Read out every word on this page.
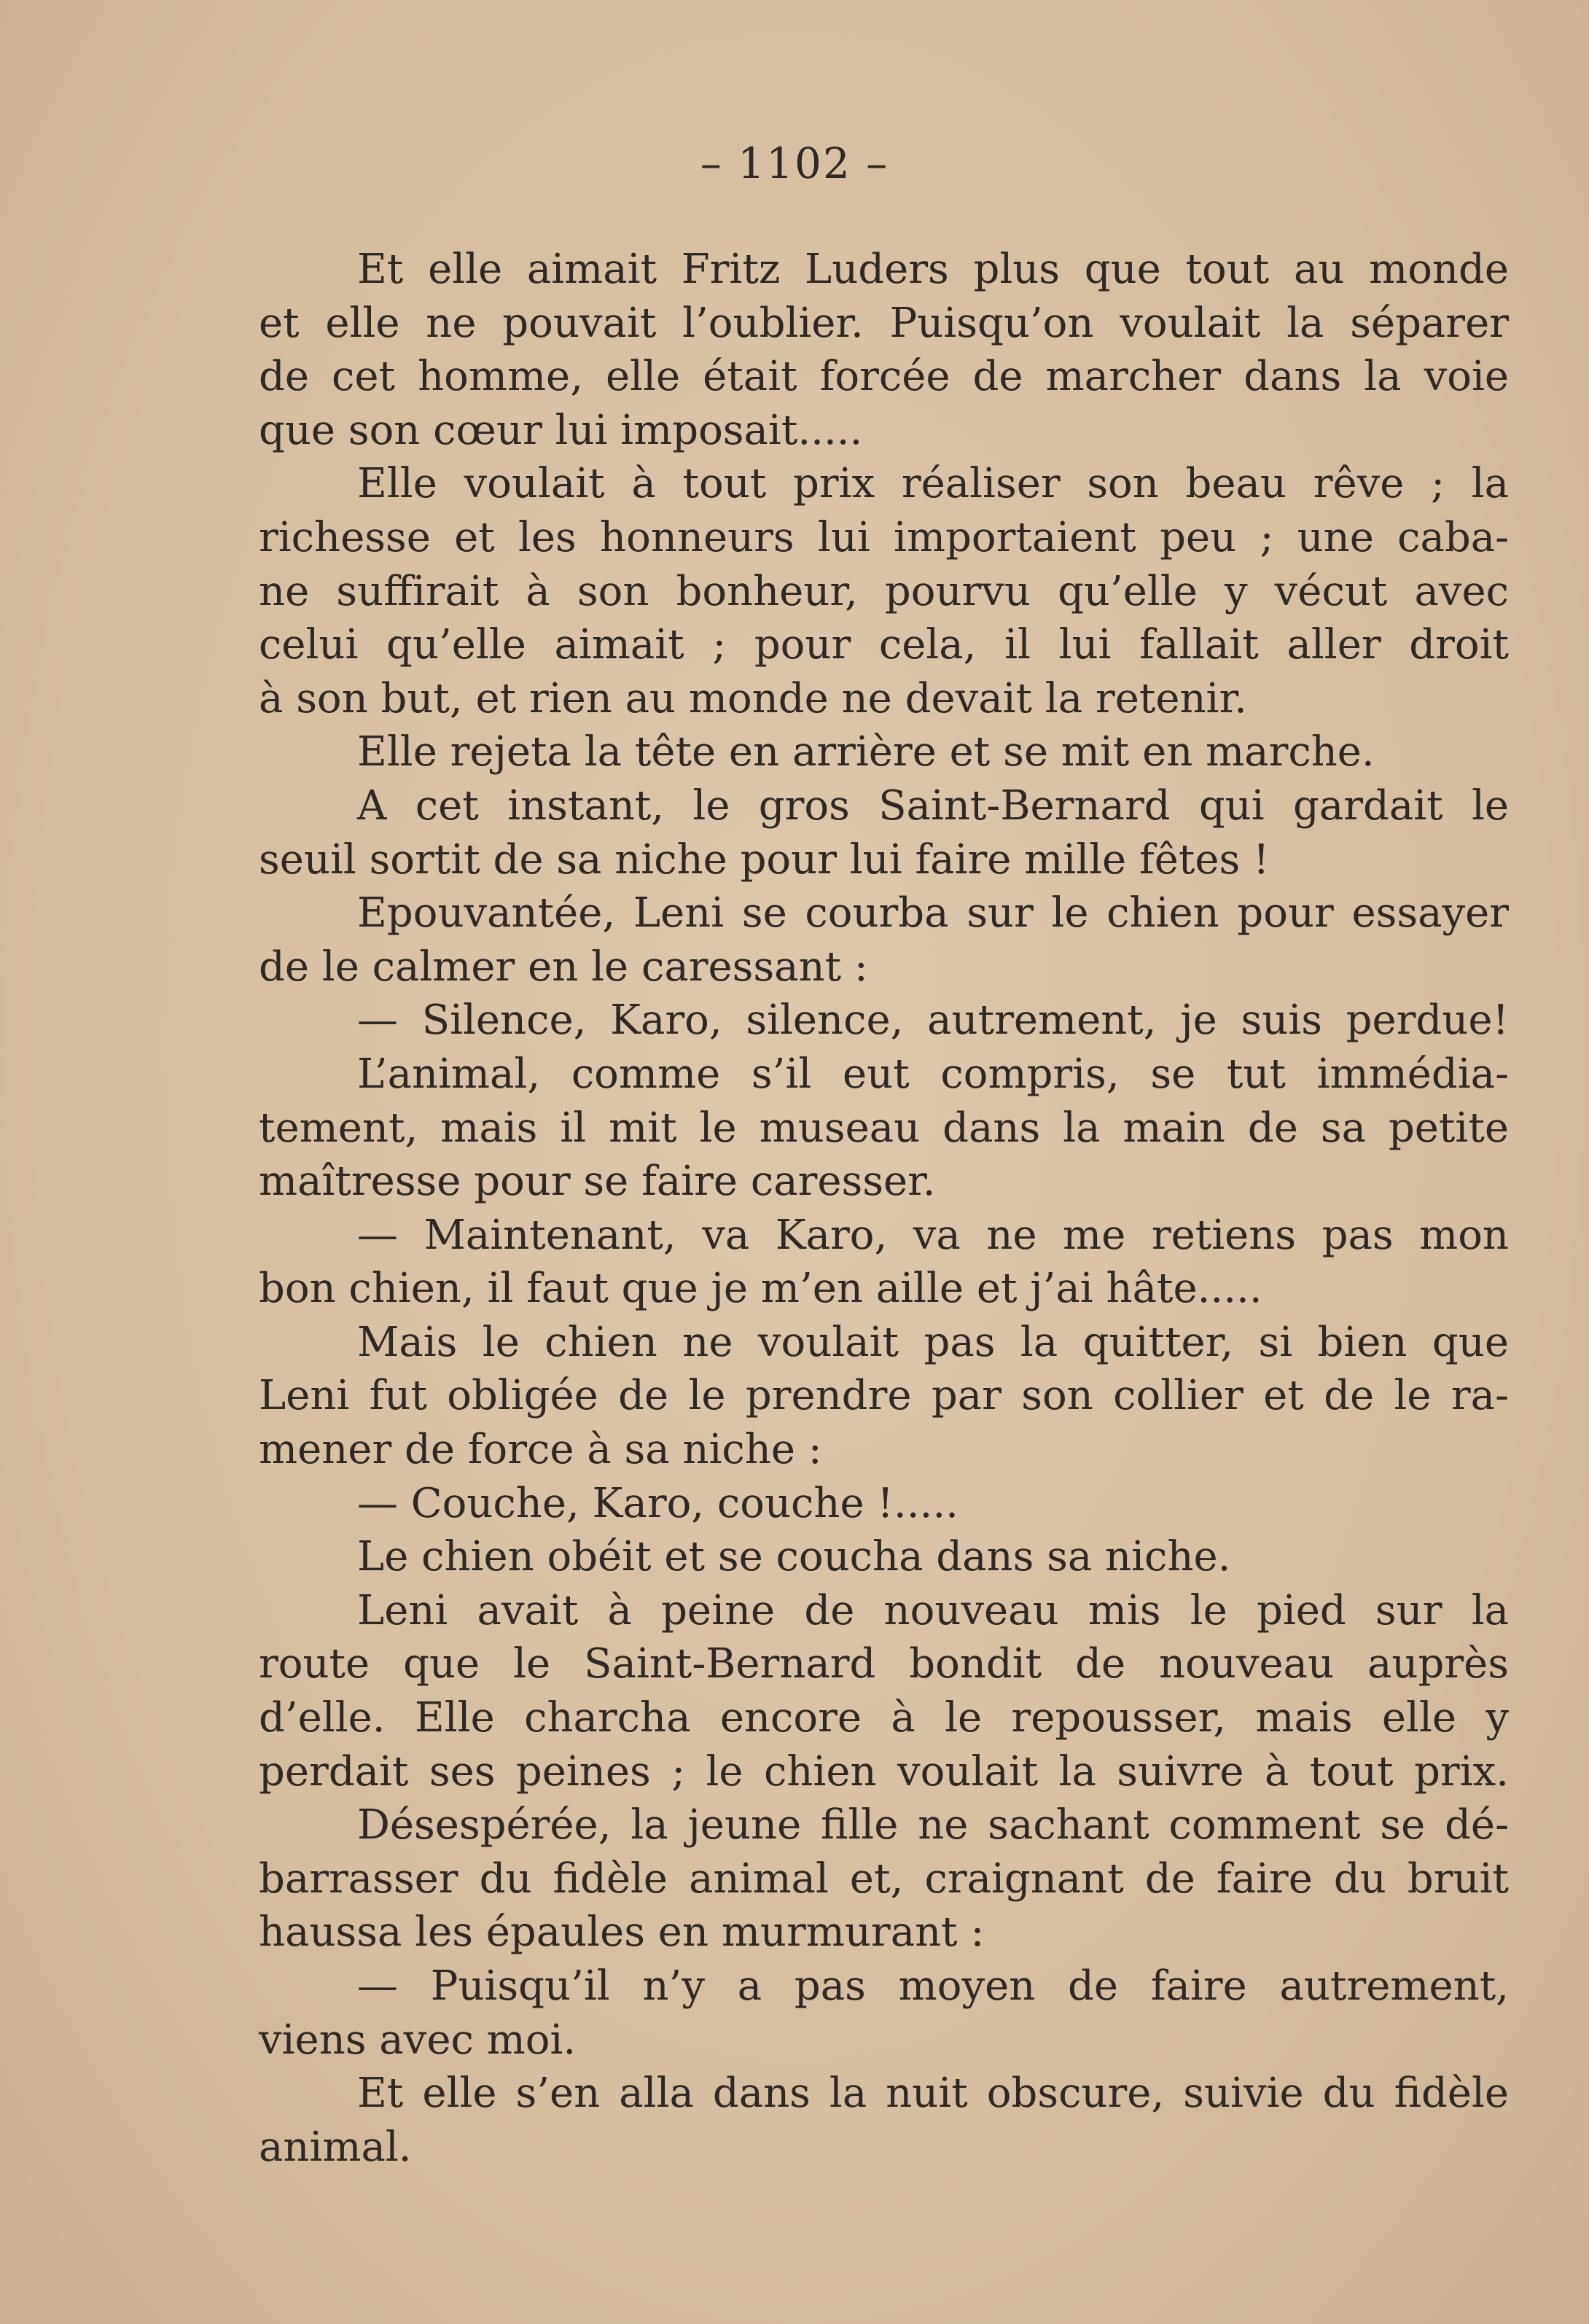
– 1102 –
Et elle aimait Fritz Luders plus que tout au monde
et elle ne pouvait l’oublier. Puisqu’on voulait la séparer
de cet homme, elle était forcée de marcher dans la voie
que son cœur lui imposait.....
Elle voulait à tout prix réaliser son beau rêve ; la
richesse et les honneurs lui importaient peu ; une caba-
ne suffirait à son bonheur, pourvu qu’elle y vécut avec
celui qu’elle aimait ; pour cela, il lui fallait aller droit
à son but, et rien au monde ne devait la retenir.
Elle rejeta la tête en arrière et se mit en marche.
A cet instant, le gros Saint-Bernard qui gardait le
seuil sortit de sa niche pour lui faire mille fêtes !
Epouvantée, Leni se courba sur le chien pour essayer
de le calmer en le caressant :
— Silence, Karo, silence, autrement, je suis perdue!
L’animal, comme s’il eut compris, se tut immédia-
tement, mais il mit le museau dans la main de sa petite
maîtresse pour se faire caresser.
— Maintenant, va Karo, va ne me retiens pas mon
bon chien, il faut que je m’en aille et j’ai hâte.....
Mais le chien ne voulait pas la quitter, si bien que
Leni fut obligée de le prendre par son collier et de le ra-
mener de force à sa niche :
— Couche, Karo, couche !.....
Le chien obéit et se coucha dans sa niche.
Leni avait à peine de nouveau mis le pied sur la
route que le Saint-Bernard bondit de nouveau auprès
d’elle. Elle charcha encore à le repousser, mais elle y
perdait ses peines ; le chien voulait la suivre à tout prix.
Désespérée, la jeune fille ne sachant comment se dé-
barrasser du fidèle animal et, craignant de faire du bruit
haussa les épaules en murmurant :
— Puisqu’il n’y a pas moyen de faire autrement,
viens avec moi.
Et elle s’en alla dans la nuit obscure, suivie du fidèle
animal.
